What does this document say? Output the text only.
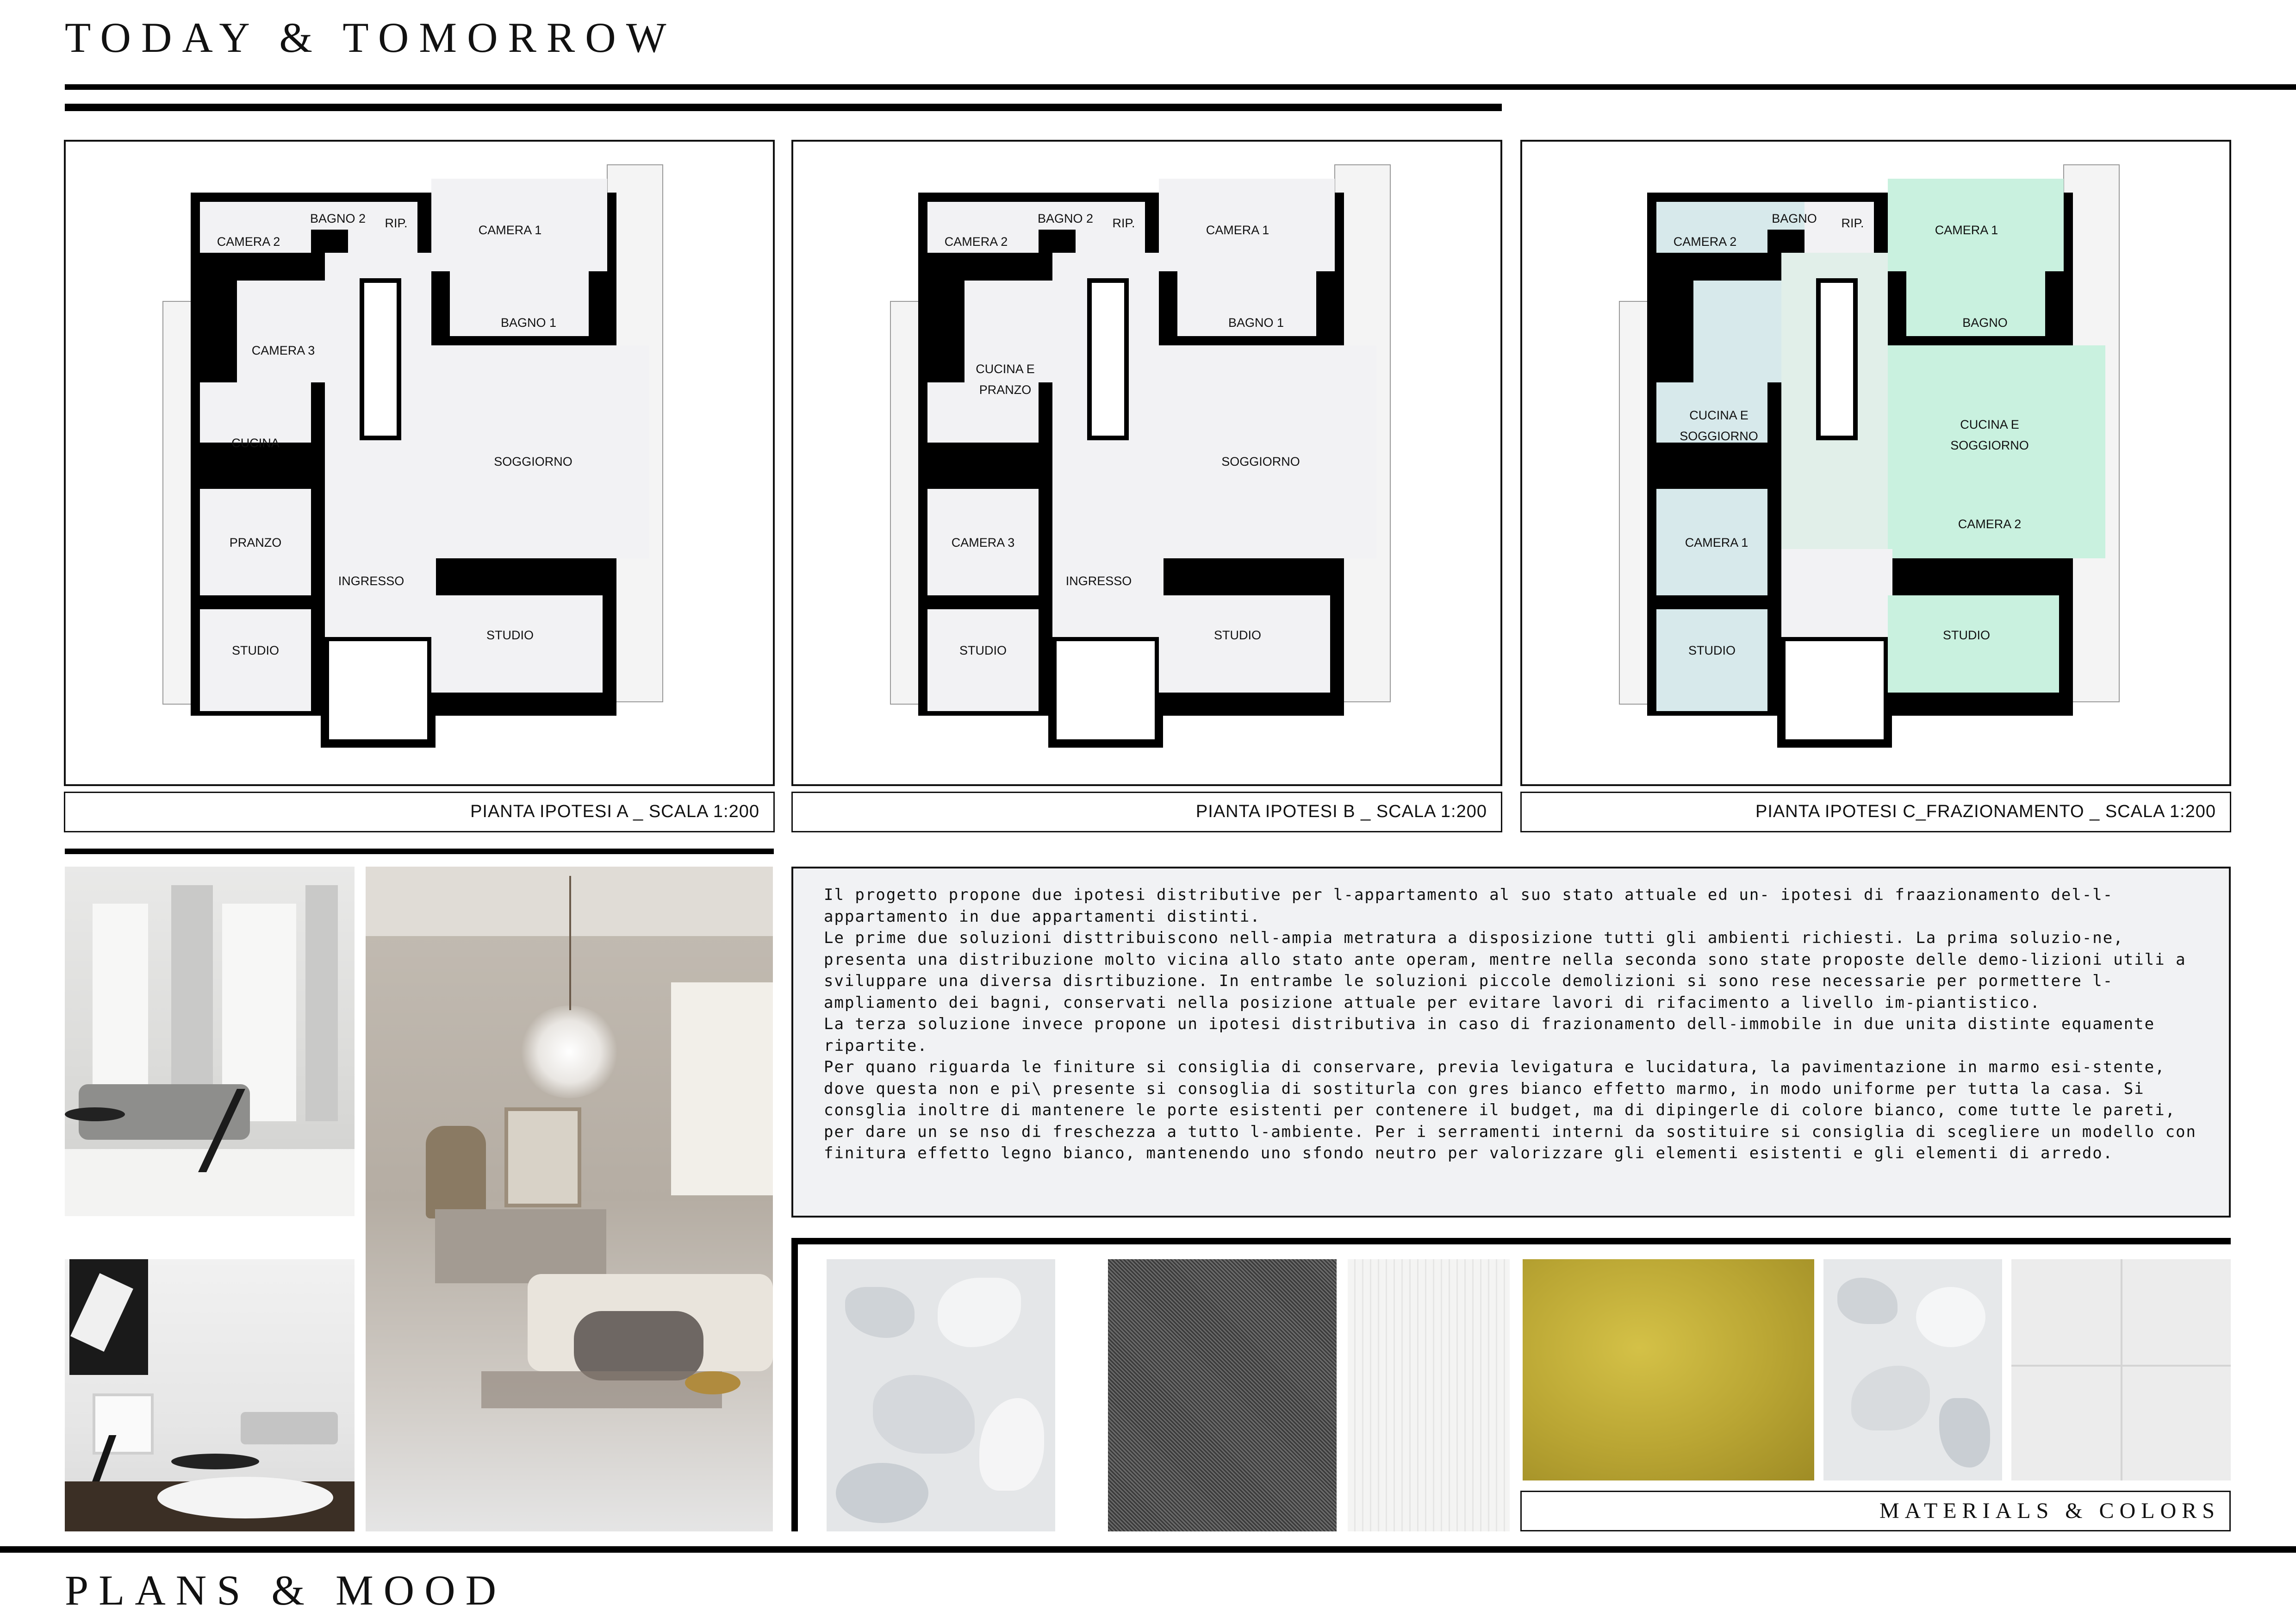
TODAY & TOMORROW
CAMERA 2
BAGNO 2 RIP.	CAMERA 1
BAGNO 1
CAMERA 3
CUCINA
SOGGIORNO
PRANZO
INGRESSO
STUDIO
STUDIO
CAMERA 2
BAGNO 2 RIP.	CAMERA 1
BAGNO 1
CUCINA E
PRANZO
SOGGIORNO
CAMERA 3
INGRESSO
STUDIO
STUDIO
CAMERA 2
BAGNO RIP.	CAMERA 1
BAGNO
CUCINA E
SOGGIORNO
CUCINA E
SOGGIORNO
CAMERA 1
CAMERA 2
STUDIO
STUDIO
PIANTA IPOTESI A _ SCALA 1:200	PIANTA IPOTESI B _ SCALA 1:200	PIANTA IPOTESI C_FRAZIONAMENTO _ SCALA 1:200

Il progetto propone due ipotesi distributive per l-appartamento al suo stato attuale ed un- ipotesi di fraazionamento del-l-appartamento in due appartamenti distinti.

Le prime due soluzioni disttribuiscono nell-ampia metratura a disposizione tutti gli ambienti richiesti. La prima soluzio-ne, presenta una distribuzione molto vicina allo stato ante operam, mentre nella seconda sono state proposte delle demo-lizioni utili a sviluppare una diversa disrtibuzione. In entrambe le soluzioni piccole demolizioni si sono rese necessarie per pormettere l-ampliamento dei bagni, conservati nella posizione attuale per evitare lavori di rifacimento a livello im-piantistico.

La terza soluzione invece propone un ipotesi distributiva in caso di frazionamento dell-immobile in due unita distinte equamente ripartite.

Per quano riguarda le finiture si consiglia di conservare, previa levigatura e lucidatura, la pavimentazione in marmo esi-stente, dove questa non e pi\ presente si consoglia di sostiturla con gres bianco effetto marmo, in modo uniforme per tutta la casa. Si consglia inoltre di mantenere le porte esistenti per contenere il budget, ma di dipingerle di colore bianco, come tutte le pareti, per dare un se nso di freschezza a tutto l-ambiente. Per i serramenti interni da sostituire si consiglia di scegliere un modello con finitura effetto legno bianco, mantenendo uno sfondo neutro per valorizzare gli elementi esistenti e gli elementi di arredo.

MATERIALS & COLORS
PLANS & MOOD
